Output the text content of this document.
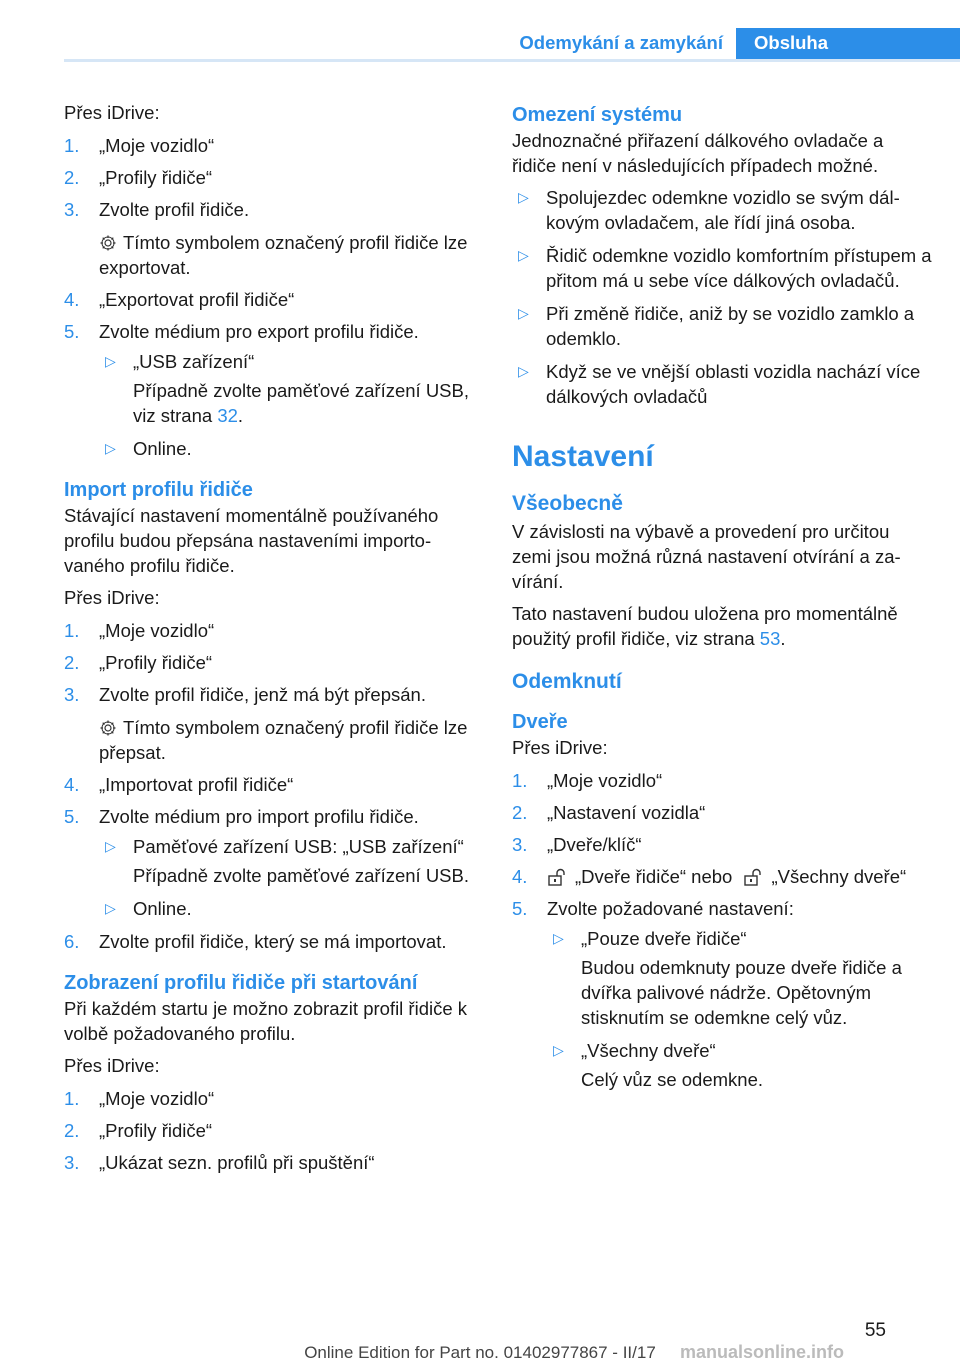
Odemykání a zamykání	Obsluha

Přes iDrive:

1. „Moje vozidlo“
2. „Profily řidiče“
3. Zvolte profil řidiče.
Tímto symbolem označený profil řidiče lze exportovat.
4. „Exportovat profil řidiče“
5. Zvolte médium pro export profilu řidiče.
▷ „USB zařízení“
Případně zvolte paměťové zařízení USB, viz strana 32.
▷ Online.
Import profilu řidiče

Stávající nastavení momentálně používaného profilu budou přepsána nastaveními importovaného profilu řidiče.

Přes iDrive:

1. „Moje vozidlo“
2. „Profily řidiče“
3. Zvolte profil řidiče, jenž má být přepsán.
Tímto symbolem označený profil řidiče lze přepsat.
4. „Importovat profil řidiče“
5. Zvolte médium pro import profilu řidiče.
▷ Paměťové zařízení USB: „USB zařízení“
Případně zvolte paměťové zařízení USB.
▷ Online.
6. Zvolte profil řidiče, který se má importovat.
Zobrazení profilu řidiče při startování

Při každém startu je možno zobrazit profil řidiče k volbě požadovaného profilu.

Přes iDrive:

1. „Moje vozidlo“
2. „Profily řidiče“
3. „Ukázat sezn. profilů při spuštění“
Omezení systému

Jednoznačné přiřazení dálkového ovladače a řidiče není v následujících případech možné.

▷ Spolujezdec odemkne vozidlo se svým dálkovým ovladačem, ale řídí jiná osoba.
▷ Řidič odemkne vozidlo komfortním přístupem a přitom má u sebe více dálkových ovladačů.
▷ Při změně řidiče, aniž by se vozidlo zamklo a odemklo.
▷ Když se ve vnější oblasti vozidla nachází více dálkových ovladačů
Nastavení
Všeobecně

V závislosti na výbavě a provedení pro určitou zemi jsou možná různá nastavení otvírání a zavírání.

Tato nastavení budou uložena pro momentálně použitý profil řidiče, viz strana 53.

Odemknutí
Dveře

Přes iDrive:

1. „Moje vozidlo“
2. „Nastavení vozidla“
3. „Dveře/klíč“
4.	„Dveře řidiče“ nebo „Všechny dveře“
5. Zvolte požadované nastavení:
▷ „Pouze dveře řidiče“
Budou odemknuty pouze dveře řidiče a dvířka palivové nádrže. Opětovným stisknutím se odemkne celý vůz.
▷ „Všechny dveře“
Celý vůz se odemkne.
55
Online Edition for Part no. 01402977867 - II/17	manualsonline.info
